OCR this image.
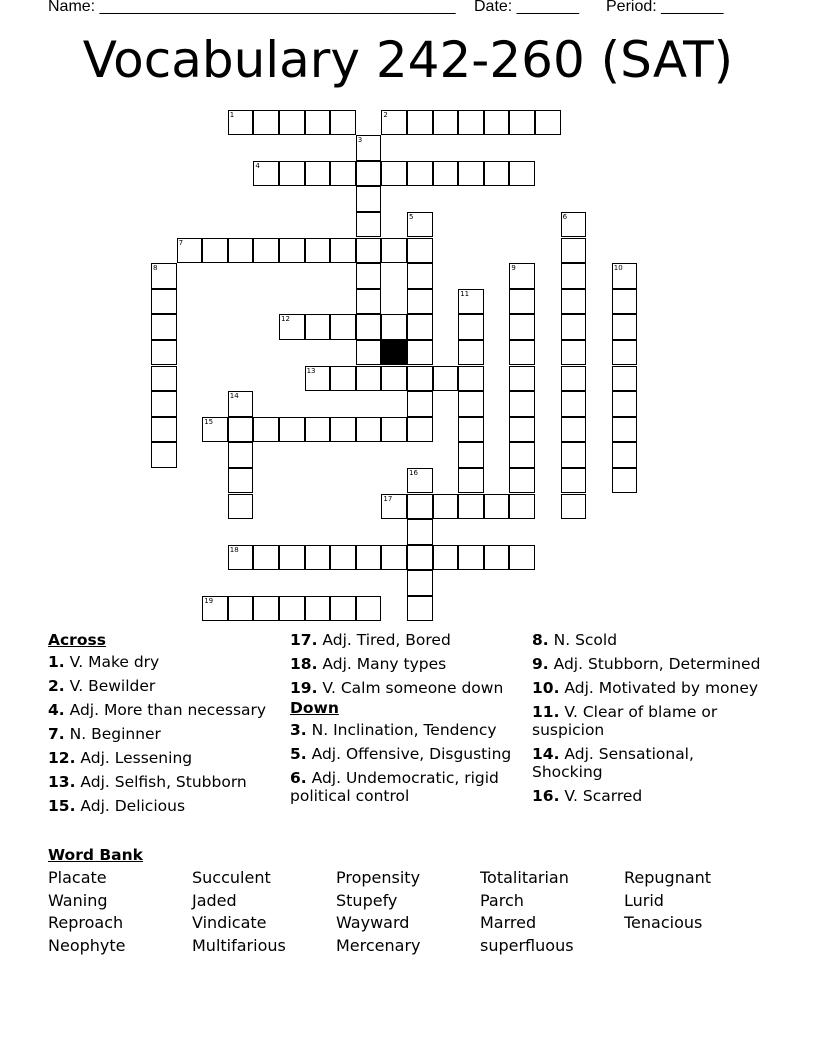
Name: ________________________________________ Date: _______ Period: _______
Vocabulary 242-260 (SAT)
1	2
4
7
12
13
15
17
18
19
3
5	6
8	9	10
11
14
16
Across
1. V. Make dry
2. V. Bewilder
4. Adj. More than necessary
7. N. Beginner
12. Adj. Lessening
13. Adj. Selfish, Stubborn
15. Adj. Delicious
17. Adj. Tired, Bored
18. Adj. Many types
19. V. Calm someone down
Down
3. N. Inclination, Tendency
5. Adj. Offensive, Disgusting
6. Adj. Undemocratic, rigid political control
8. N. Scold
9. Adj. Stubborn, Determined
10. Adj. Motivated by money
11. V. Clear of blame or suspicion
14. Adj. Sensational, Shocking
16. V. Scarred
Word Bank
Placate
Waning
Reproach
Neophyte
Succulent
Jaded
Vindicate
Multifarious
Propensity
Stupefy
Wayward
Mercenary
Totalitarian
Parch
Marred
superfluous
Repugnant
Lurid
Tenacious
